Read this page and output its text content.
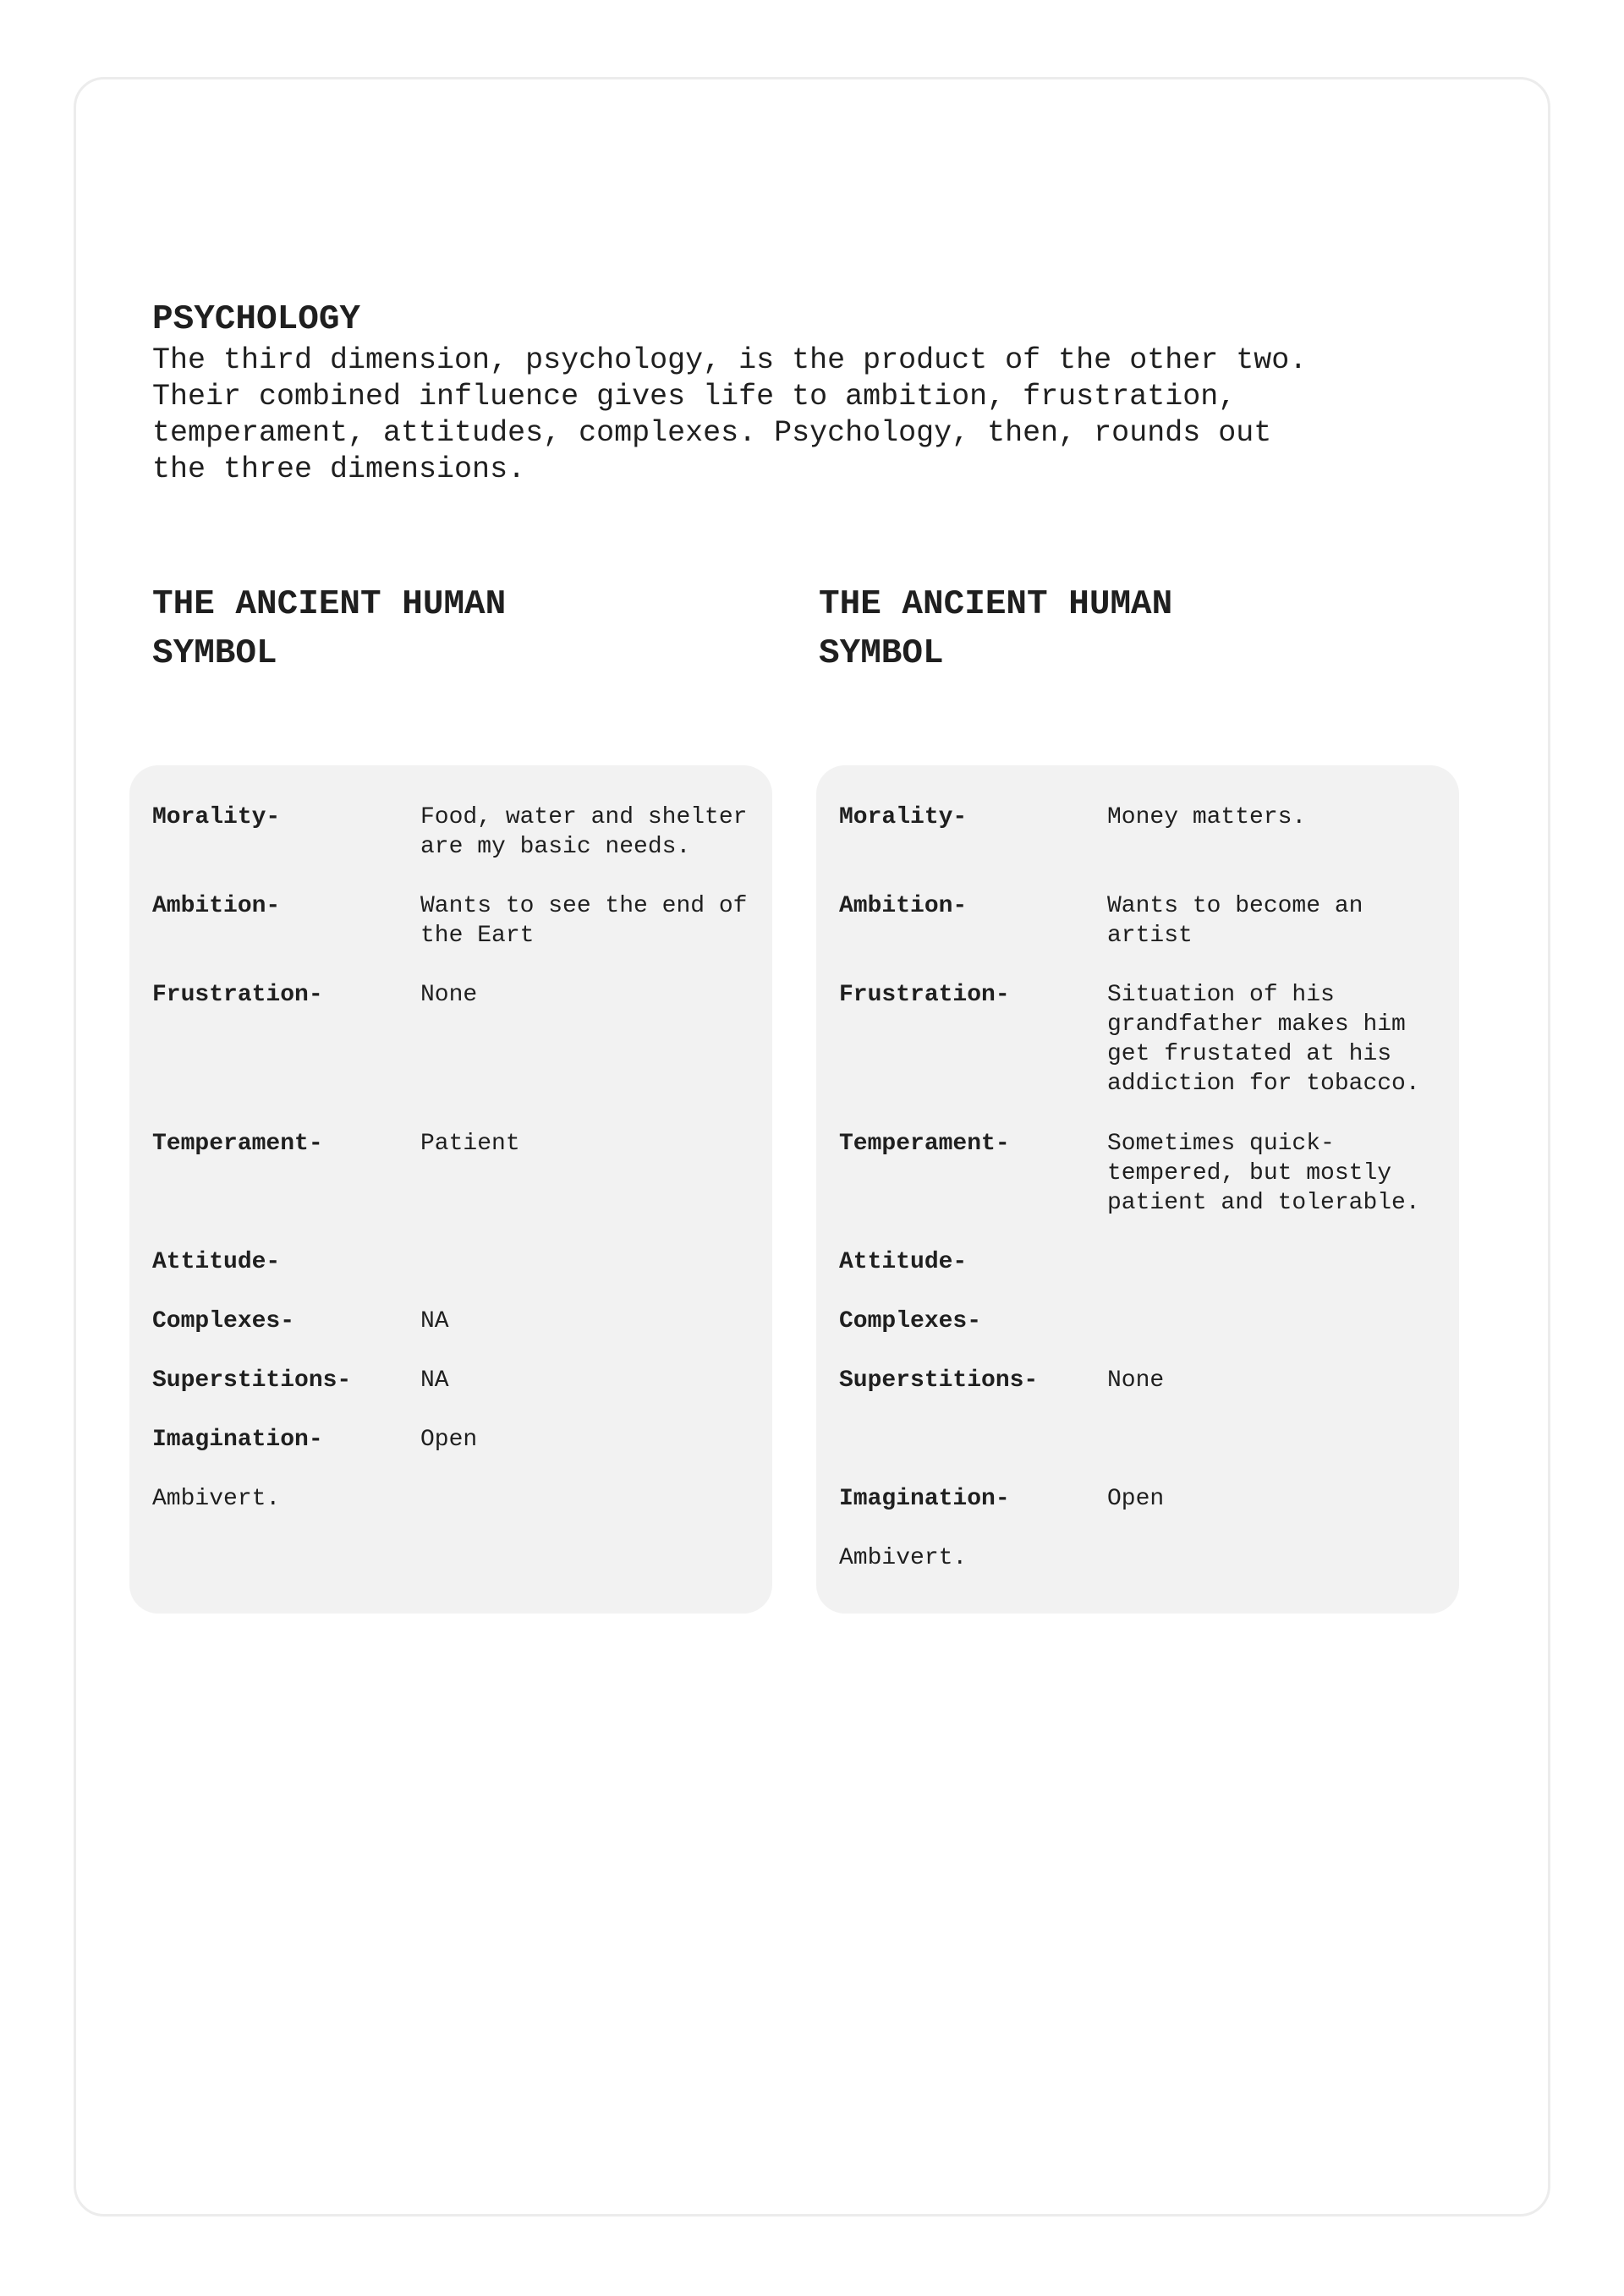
PSYCHOLOGY

The third dimension, psychology, is the product of the other two.
Their combined influence gives life to ambition, frustration,
temperament, attitudes, complexes. Psychology, then, rounds out
the three dimensions.

THE ANCIENT HUMAN
SYMBOL
THE ANCIENT HUMAN
SYMBOL
Morality-	Food, water and shelter
are my basic needs.
Ambition-	Wants to see the end of
the Eart
Frustration-	None
Temperament-	Patient
Attitude-
Complexes-	NA
Superstitions-	NA
Imagination-	Open
Ambivert.
Morality-	Money matters.
Ambition-	Wants to become an
artist
Frustration-	Situation of his
grandfather makes him
get frustated at his
addiction for tobacco.
Temperament-	Sometimes quick-
tempered, but mostly
patient and tolerable.
Attitude-
Complexes-
Superstitions-	None
Imagination-	Open
Ambivert.
